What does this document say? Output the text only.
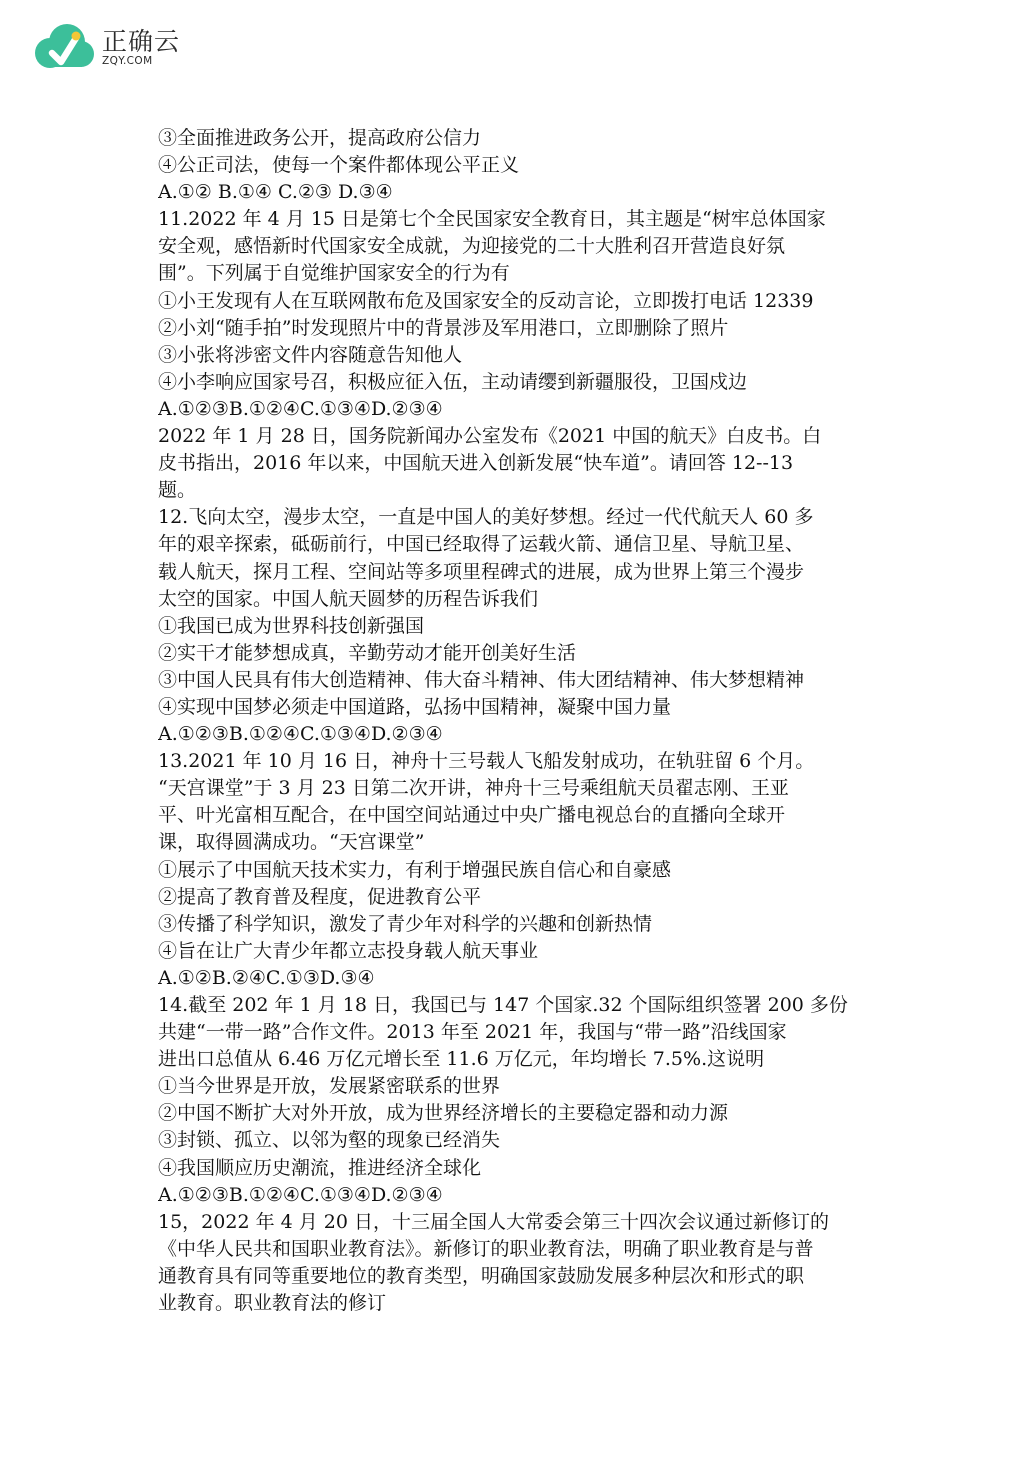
正确云
ZQY.COM
③全面推进政务公开，提高政府公信力
④公正司法，使每一个案件都体现公平正义
A.①② B.①④ C.②③ D.③④
11.2022 年 4 月 15 日是第七个全民国家安全教育日，其主题是“树牢总体国家
安全观，感悟新时代国家安全成就，为迎接党的二十大胜利召开营造良好氛
围”。下列属于自觉维护国家安全的行为有
①小王发现有人在互联网散布危及国家安全的反动言论，立即拨打电话 12339
②小刘“随手拍”时发现照片中的背景涉及军用港口，立即删除了照片
③小张将涉密文件内容随意告知他人
④小李响应国家号召，积极应征入伍，主动请缨到新疆服役，卫国戍边
A.①②③B.①②④C.①③④D.②③④
2022 年 1 月 28 日，国务院新闻办公室发布《2021 中国的航天》白皮书。白
皮书指出，2016 年以来，中国航天进入创新发展“快车道”。请回答 12--13
题。
12.飞向太空，漫步太空，一直是中国人的美好梦想。经过一代代航天人 60 多
年的艰辛探索，砥砺前行，中国已经取得了运载火箭、通信卫星、导航卫星、
载人航天，探月工程、空间站等多项里程碑式的进展，成为世界上第三个漫步
太空的国家。中国人航天圆梦的历程告诉我们
①我国已成为世界科技创新强国
②实干才能梦想成真，辛勤劳动才能开创美好生活
③中国人民具有伟大创造精神、伟大奋斗精神、伟大团结精神、伟大梦想精神
④实现中国梦必须走中国道路，弘扬中国精神，凝聚中国力量
A.①②③B.①②④C.①③④D.②③④
13.2021 年 10 月 16 日，神舟十三号载人飞船发射成功，在轨驻留 6 个月。
“天宫课堂”于 3 月 23 日第二次开讲，神舟十三号乘组航天员翟志刚、王亚
平、叶光富相互配合，在中国空间站通过中央广播电视总台的直播向全球开
课，取得圆满成功。“天宫课堂”
①展示了中国航天技术实力，有利于增强民族自信心和自豪感
②提高了教育普及程度，促进教育公平
③传播了科学知识，激发了青少年对科学的兴趣和创新热情
④旨在让广大青少年都立志投身载人航天事业
A.①②B.②④C.①③D.③④
14.截至 202 年 1 月 18 日，我国已与 147 个国家.32 个国际组织签署 200 多份
共建“一带一路”合作文件。2013 年至 2021 年，我国与“带一路”沿线国家
进出口总值从 6.46 万亿元增长至 11.6 万亿元，年均增长 7.5%.这说明
①当今世界是开放，发展紧密联系的世界
②中国不断扩大对外开放，成为世界经济增长的主要稳定器和动力源
③封锁、孤立、以邻为壑的现象已经消失
④我国顺应历史潮流，推进经济全球化
A.①②③B.①②④C.①③④D.②③④
15，2022 年 4 月 20 日，十三届全国人大常委会第三十四次会议通过新修订的
《中华人民共和国职业教育法》。新修订的职业教育法，明确了职业教育是与普
通教育具有同等重要地位的教育类型，明确国家鼓励发展多种层次和形式的职
业教育。职业教育法的修订
